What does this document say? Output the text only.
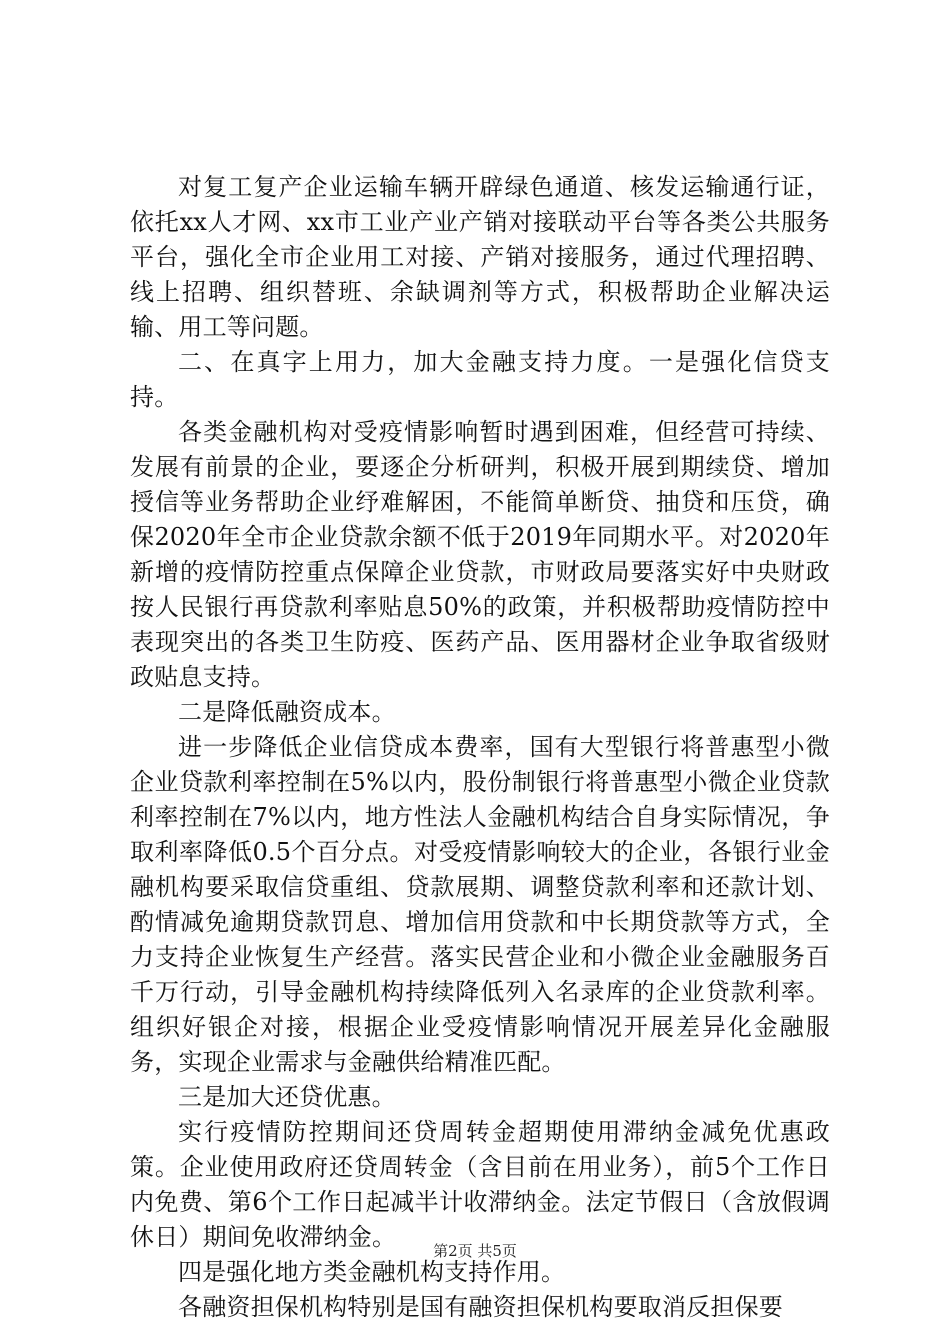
对复工复产企业运输车辆开辟绿色通道、核发运输通行证，依托xx人才网、xx市工业产业产销对接联动平台等各类公共服务平台，强化全市企业用工对接、产销对接服务，通过代理招聘、线上招聘、组织替班、余缺调剂等方式，积极帮助企业解决运输、用工等问题。

二、在真字上用力，加大金融支持力度。一是强化信贷支持。

各类金融机构对受疫情影响暂时遇到困难，但经营可持续、发展有前景的企业，要逐企分析研判，积极开展到期续贷、增加授信等业务帮助企业纾难解困，不能简单断贷、抽贷和压贷，确保2020年全市企业贷款余额不低于2019年同期水平。对2020年新增的疫情防控重点保障企业贷款，市财政局要落实好中央财政按人民银行再贷款利率贴息50%的政策，并积极帮助疫情防控中表现突出的各类卫生防疫、医药产品、医用器材企业争取省级财政贴息支持。

二是降低融资成本。

进一步降低企业信贷成本费率，国有大型银行将普惠型小微企业贷款利率控制在5%以内，股份制银行将普惠型小微企业贷款利率控制在7%以内，地方性法人金融机构结合自身实际情况，争取利率降低0.5个百分点。对受疫情影响较大的企业，各银行业金融机构要采取信贷重组、贷款展期、调整贷款利率和还款计划、酌情减免逾期贷款罚息、增加信用贷款和中长期贷款等方式，全力支持企业恢复生产经营。落实民营企业和小微企业金融服务百千万行动，引导金融机构持续降低列入名录库的企业贷款利率。组织好银企对接，根据企业受疫情影响情况开展差异化金融服务，实现企业需求与金融供给精准匹配。

三是加大还贷优惠。

实行疫情防控期间还贷周转金超期使用滞纳金减免优惠政策。企业使用政府还贷周转金（含目前在用业务），前5个工作日内免费、第6个工作日起减半计收滞纳金。法定节假日（含放假调休日）期间免收滞纳金。

四是强化地方类金融机构支持作用。

各融资担保机构特别是国有融资担保机构要取消反担保要

第2页 共5页
